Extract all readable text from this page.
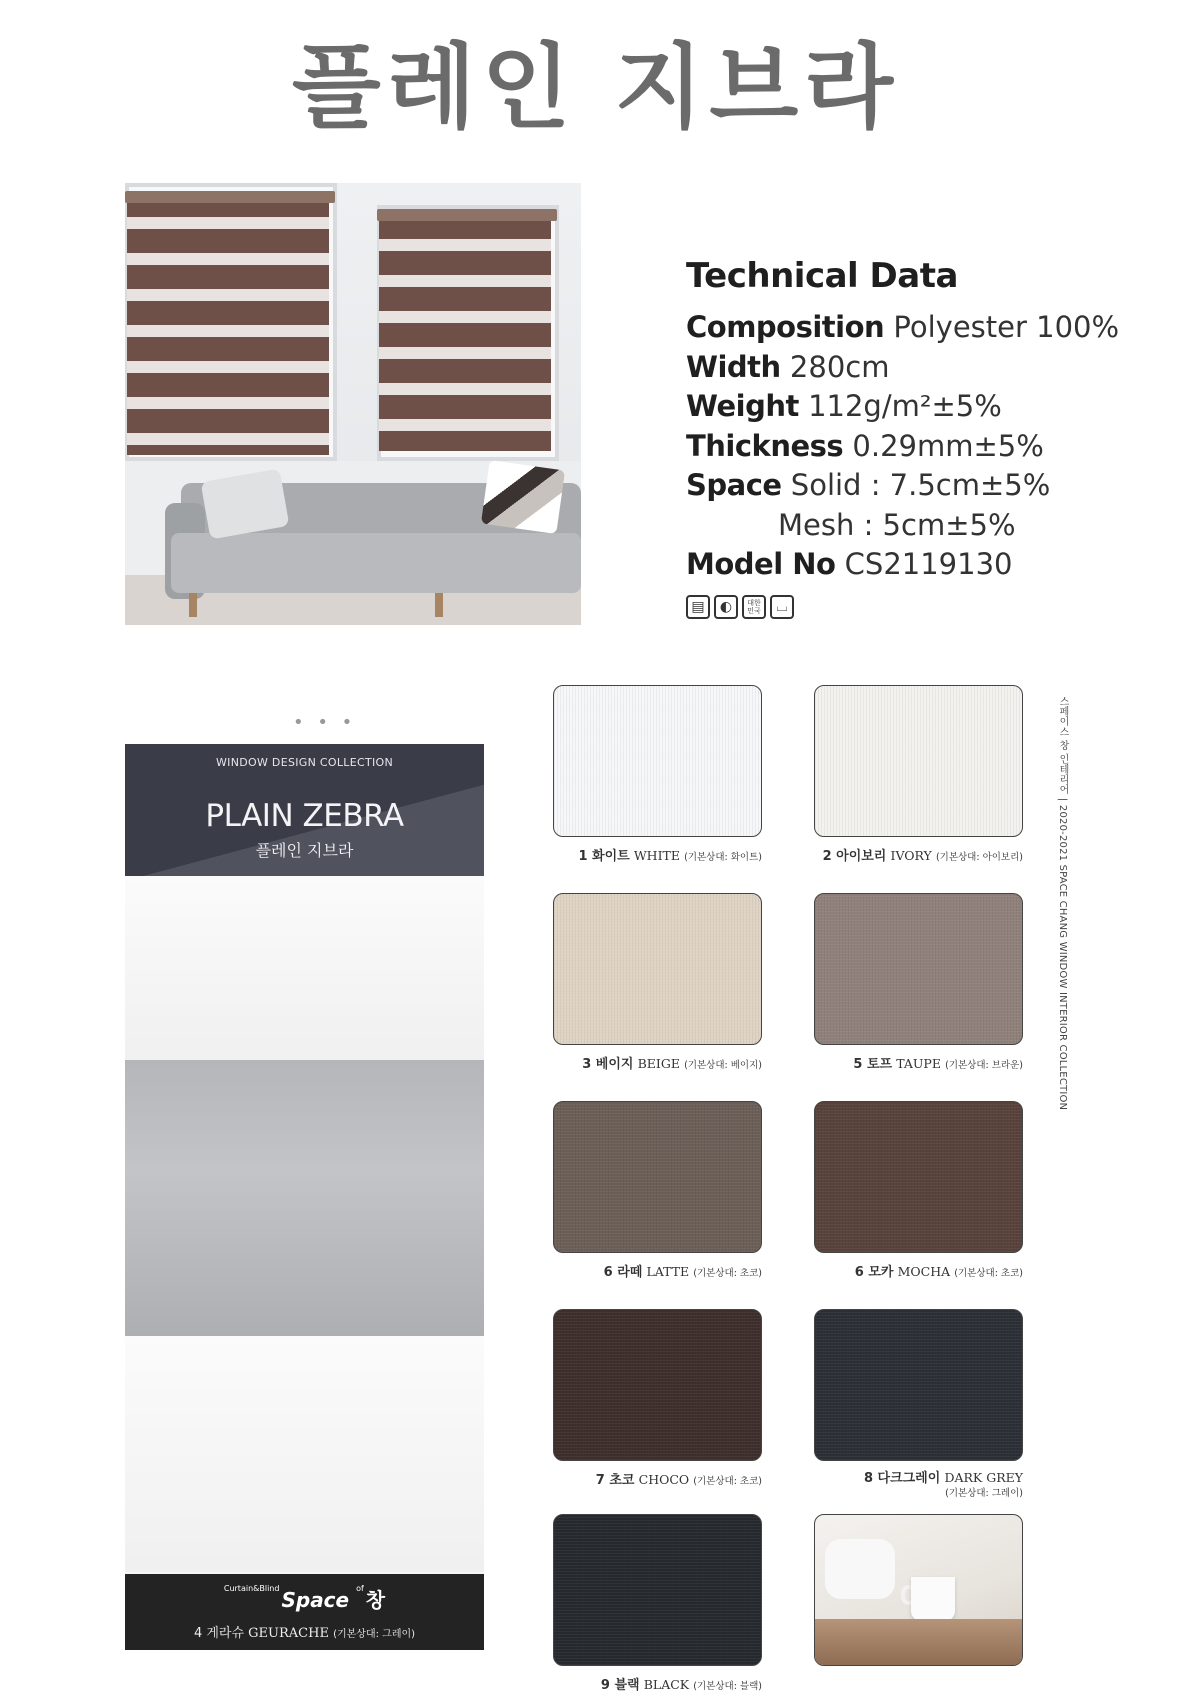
플레인 지브라
Technical Data
Composition Polyester 100%
Width 280cm
Weight 112g/m²±5%
Thickness 0.29mm±5%
Space Solid : 7.5cm±5%
Mesh : 5cm±5%
Model No CS2119130
▤	◐	대한민국	⌴
• • •
WINDOW DESIGN COLLECTION
PLAIN ZEBRA
플레인 지브라
$^{Curtain\&Blind}$ Space $^{of}$ 창
4 게라슈 GEURACHE (기본상대: 그레이)
1 화이트 WHITE (기본상대: 화이트)	2 아이보리 IVORY (기본상대: 아이보리)
3 베이지 BEIGE (기본상대: 베이지)	5 토프 TAUPE (기본상대: 브라운)
6 라떼 LATTE (기본상대: 초코)	6 모카 MOCHA (기본상대: 초코)
7 초코 CHOCO (기본상대: 초코)	8 다크그레이 DARK GREY
(기본상대: 그레이)
9 블랙 BLACK (기본상대: 블랙)
스페이스 창 인테리어 | 2020-2021 SPACE CHANG WINDOW INTERIOR COLLECTION
